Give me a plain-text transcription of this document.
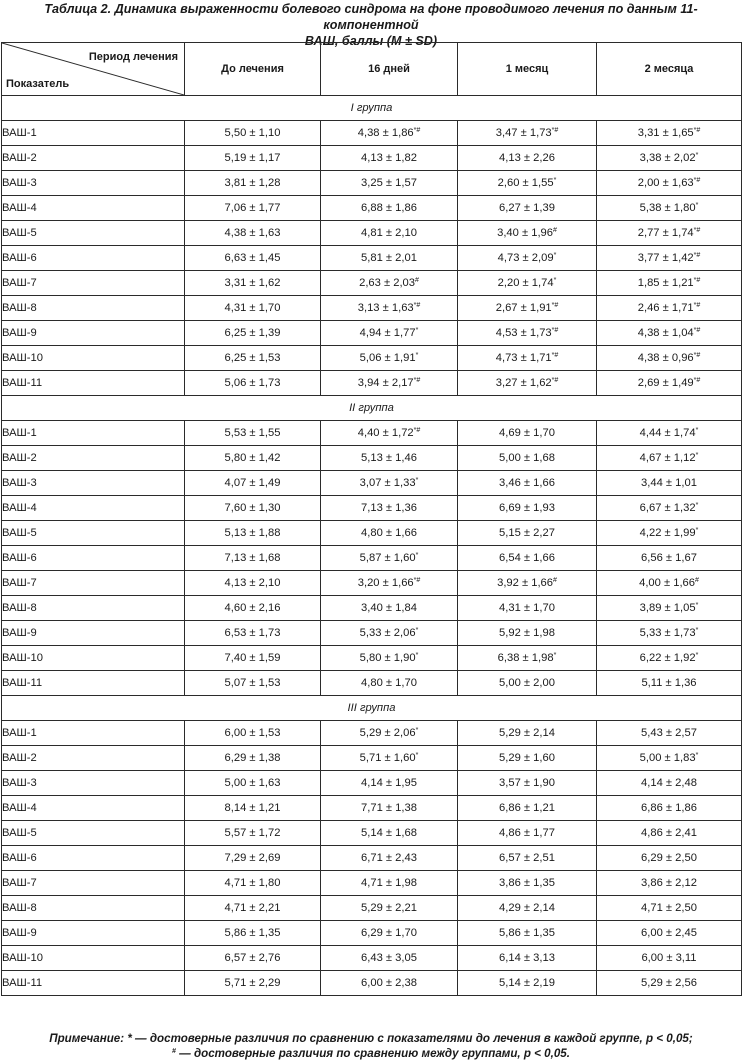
Таблица 2. Динамика выраженности болевого синдрома на фоне проводимого лечения по данным 11-компонентной
ВАШ, баллы (M ± SD)
Период лечения
Показатель	До лечения	16 дней	1 месяц	2 месяца
I группа				
ВАШ-1	5,50 ± 1,10	4,38 ± 1,86*#	3,47 ± 1,73*#	3,31 ± 1,65*#
ВАШ-2	5,19 ± 1,17	4,13 ± 1,82	4,13 ± 2,26	3,38 ± 2,02*
ВАШ-3	3,81 ± 1,28	3,25 ± 1,57	2,60 ± 1,55*	2,00 ± 1,63*#
ВАШ-4	7,06 ± 1,77	6,88 ± 1,86	6,27 ± 1,39	5,38 ± 1,80*
ВАШ-5	4,38 ± 1,63	4,81 ± 2,10	3,40 ± 1,96#	2,77 ± 1,74*#
ВАШ-6	6,63 ± 1,45	5,81 ± 2,01	4,73 ± 2,09*	3,77 ± 1,42*#
ВАШ-7	3,31 ± 1,62	2,63 ± 2,03#	2,20 ± 1,74*	1,85 ± 1,21*#
ВАШ-8	4,31 ± 1,70	3,13 ± 1,63*#	2,67 ± 1,91*#	2,46 ± 1,71*#
ВАШ-9	6,25 ± 1,39	4,94 ± 1,77*	4,53 ± 1,73*#	4,38 ± 1,04*#
ВАШ-10	6,25 ± 1,53	5,06 ± 1,91*	4,73 ± 1,71*#	4,38 ± 0,96*#
ВАШ-11	5,06 ± 1,73	3,94 ± 2,17*#	3,27 ± 1,62*#	2,69 ± 1,49*#
II группа				
ВАШ-1	5,53 ± 1,55	4,40 ± 1,72*#	4,69 ± 1,70	4,44 ± 1,74*
ВАШ-2	5,80 ± 1,42	5,13 ± 1,46	5,00 ± 1,68	4,67 ± 1,12*
ВАШ-3	4,07 ± 1,49	3,07 ± 1,33*	3,46 ± 1,66	3,44 ± 1,01
ВАШ-4	7,60 ± 1,30	7,13 ± 1,36	6,69 ± 1,93	6,67 ± 1,32*
ВАШ-5	5,13 ± 1,88	4,80 ± 1,66	5,15 ± 2,27	4,22 ± 1,99*
ВАШ-6	7,13 ± 1,68	5,87 ± 1,60*	6,54 ± 1,66	6,56 ± 1,67
ВАШ-7	4,13 ± 2,10	3,20 ± 1,66*#	3,92 ± 1,66#	4,00 ± 1,66#
ВАШ-8	4,60 ± 2,16	3,40 ± 1,84	4,31 ± 1,70	3,89 ± 1,05*
ВАШ-9	6,53 ± 1,73	5,33 ± 2,06*	5,92 ± 1,98	5,33 ± 1,73*
ВАШ-10	7,40 ± 1,59	5,80 ± 1,90*	6,38 ± 1,98*	6,22 ± 1,92*
ВАШ-11	5,07 ± 1,53	4,80 ± 1,70	5,00 ± 2,00	5,11 ± 1,36
III группа				
ВАШ-1	6,00 ± 1,53	5,29 ± 2,06*	5,29 ± 2,14	5,43 ± 2,57
ВАШ-2	6,29 ± 1,38	5,71 ± 1,60*	5,29 ± 1,60	5,00 ± 1,83*
ВАШ-3	5,00 ± 1,63	4,14 ± 1,95	3,57 ± 1,90	4,14 ± 2,48
ВАШ-4	8,14 ± 1,21	7,71 ± 1,38	6,86 ± 1,21	6,86 ± 1,86
ВАШ-5	5,57 ± 1,72	5,14 ± 1,68	4,86 ± 1,77	4,86 ± 2,41
ВАШ-6	7,29 ± 2,69	6,71 ± 2,43	6,57 ± 2,51	6,29 ± 2,50
ВАШ-7	4,71 ± 1,80	4,71 ± 1,98	3,86 ± 1,35	3,86 ± 2,12
ВАШ-8	4,71 ± 2,21	5,29 ± 2,21	4,29 ± 2,14	4,71 ± 2,50
ВАШ-9	5,86 ± 1,35	6,29 ± 1,70	5,86 ± 1,35	6,00 ± 2,45
ВАШ-10	6,57 ± 2,76	6,43 ± 3,05	6,14 ± 3,13	6,00 ± 3,11
ВАШ-11	5,71 ± 2,29	6,00 ± 2,38	5,14 ± 2,19	5,29 ± 2,56
Примечание: * — достоверные различия по сравнению с показателями до лечения в каждой группе, p < 0,05;
# — достоверные различия по сравнению между группами, p < 0,05.
